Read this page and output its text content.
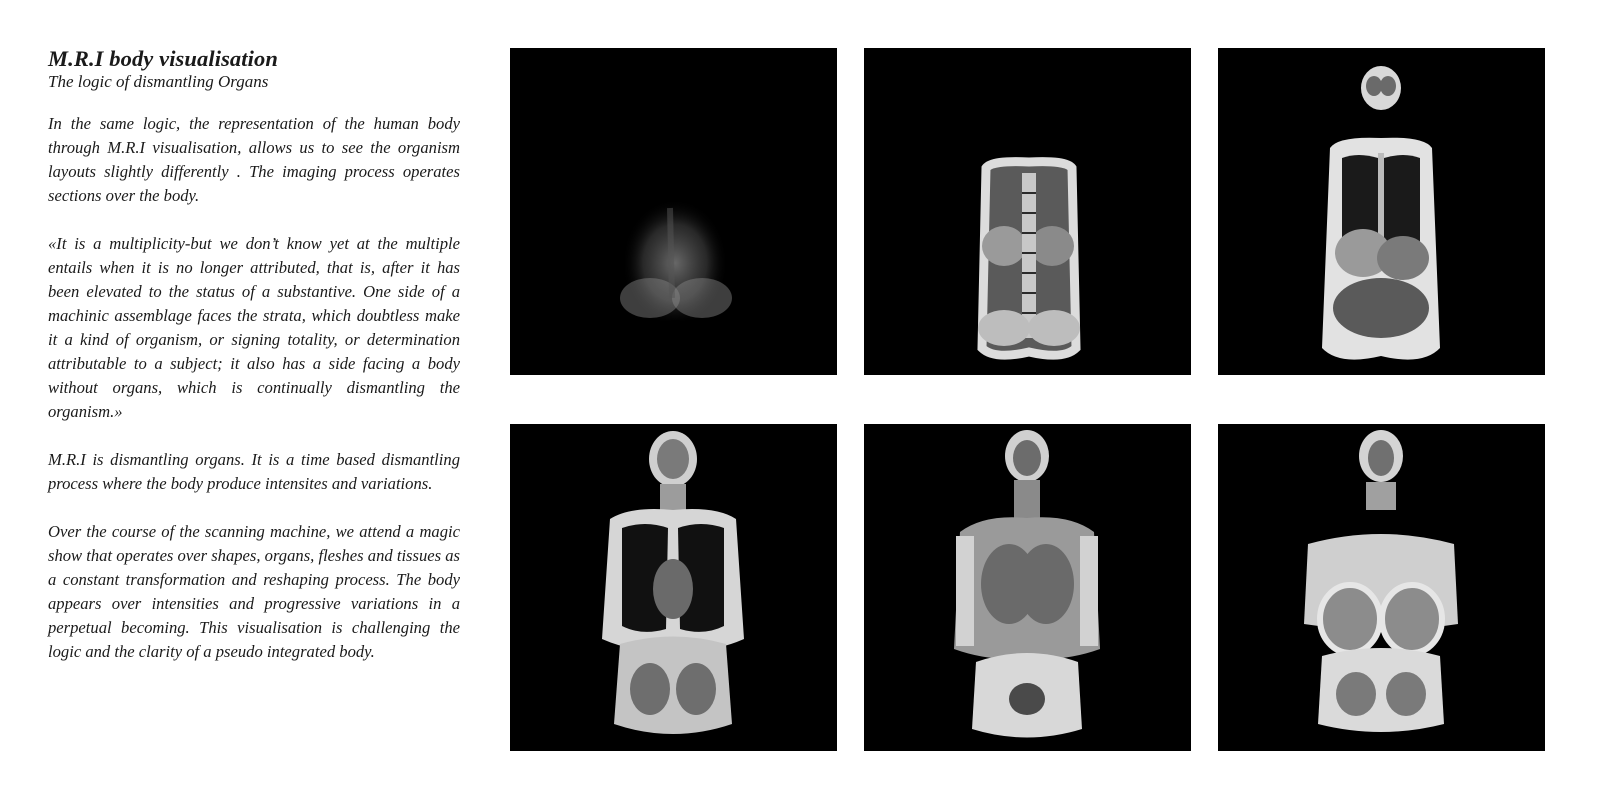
M.R.I body visualisation

The logic of dismantling Organs

In the same logic, the representation of the human body through M.R.I visualisation, allows us to see the organism layouts slightly differently . The imaging process operates sections over the body.

«It is a multiplicity-but we don’t know yet at the multiple entails when it is no longer attributed, that is, after it has been elevated to the status of a substantive. One side of a machinic assemblage faces the strata, which doubtless make it a kind of organism, or signing totality, or determination attributable to a subject; it also has a side facing a body without organs, which is continually dismantling the organism.»

M.R.I is dismantling organs. It is a time based dismantling process where the body produce intensites and variations.

Over the course of the scanning machine, we attend a magic show that operates over shapes, organs, fleshes and tissues as a constant transformation and reshaping process. The body appears over intensities and progressive variations in a perpetual becoming. This visualisation is challenging the logic and the clarity of a pseudo integrated body.
